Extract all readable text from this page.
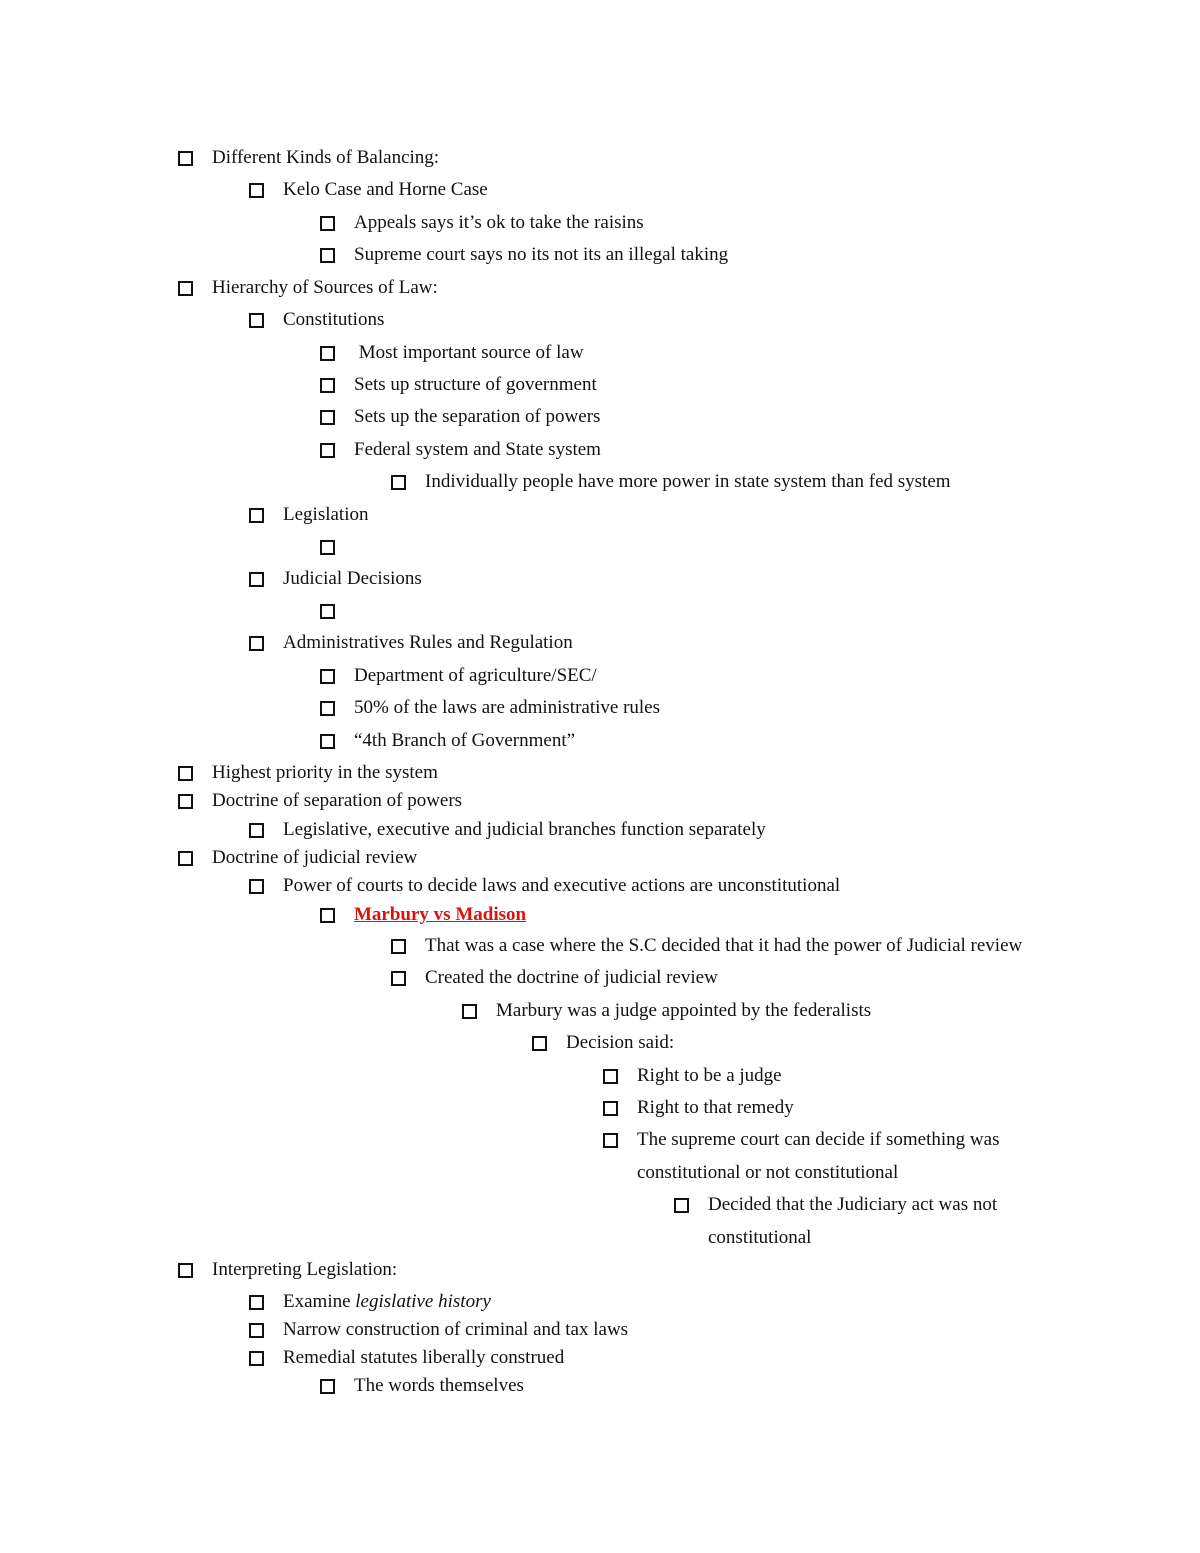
Different Kinds of Balancing:
Kelo Case and Horne Case
Appeals says it’s ok to take the raisins
Supreme court says no its not its an illegal taking
Hierarchy of Sources of Law:
Constitutions
Most important source of law
Sets up structure of government
Sets up the separation of powers
Federal system and State system
Individually people have more power in state system than fed system
Legislation
Judicial Decisions
Administratives Rules and Regulation
Department of agriculture/SEC/
50% of the laws are administrative rules
“4th Branch of Government”
Highest priority in the system
Doctrine of separation of powers
Legislative, executive and judicial branches function separately
Doctrine of judicial review
Power of courts to decide laws and executive actions are unconstitutional
Marbury vs Madison
That was a case where the S.C decided that it had the power of Judicial review
Created the doctrine of judicial review
Marbury was a judge appointed by the federalists
Decision said:
Right to be a judge
Right to that remedy
The supreme court can decide if something was
constitutional or not constitutional
Decided that the Judiciary act was not
constitutional
Interpreting Legislation:
Examine legislative history
Narrow construction of criminal and tax laws
Remedial statutes liberally construed
The words themselves
